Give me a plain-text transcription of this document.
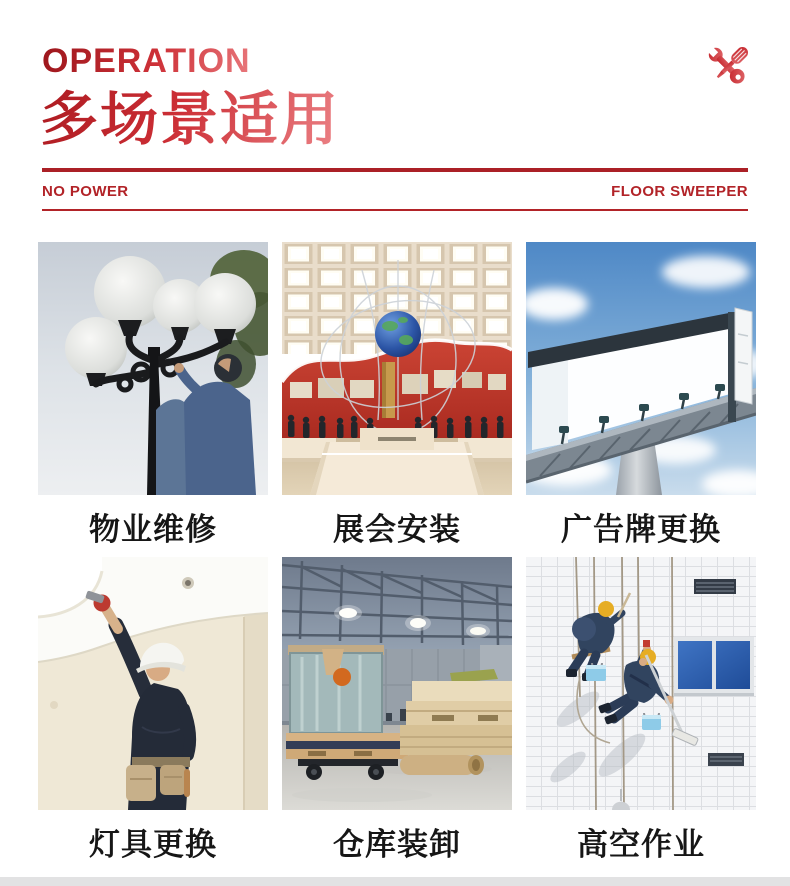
OPERATION
多场景适用
NO POWER	FLOOR SWEEPER
物业维修	展会安装	广告牌更换
灯具更换	仓库装卸	高空作业
